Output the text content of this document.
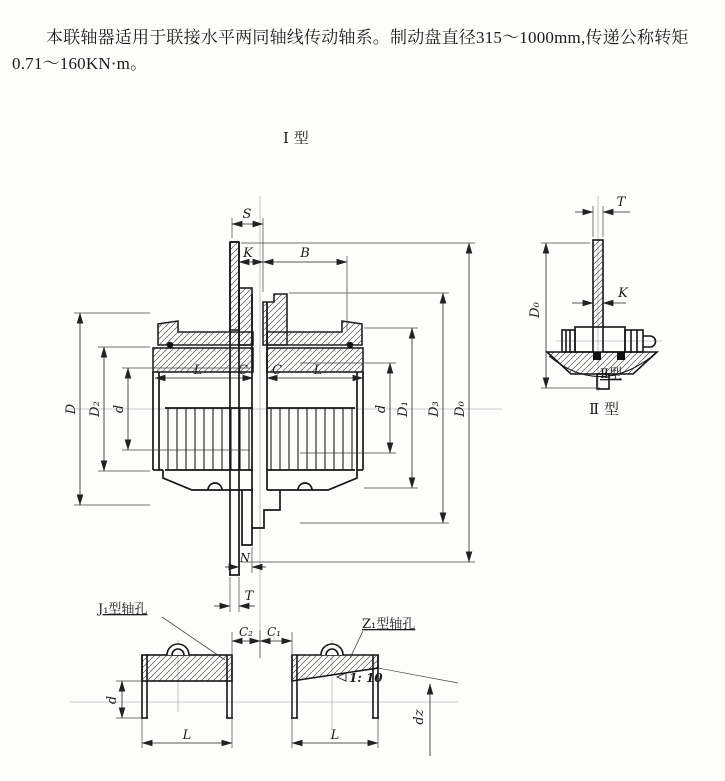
本联轴器适用于联接水平两同轴线传动轴系。制动盘直径315～1000mm,传递公称转矩0.71～160KN·m。

Ⅰ 型
S
K	B
D D₂ d
L	C C L
d D₁ D₃ D₀
N
T
T
K
D₀
Ⅱ型
Ⅱ 型
1: 10
J₁型轴孔
Z₁型轴孔
C₂ C₁
d
L	L
dz
